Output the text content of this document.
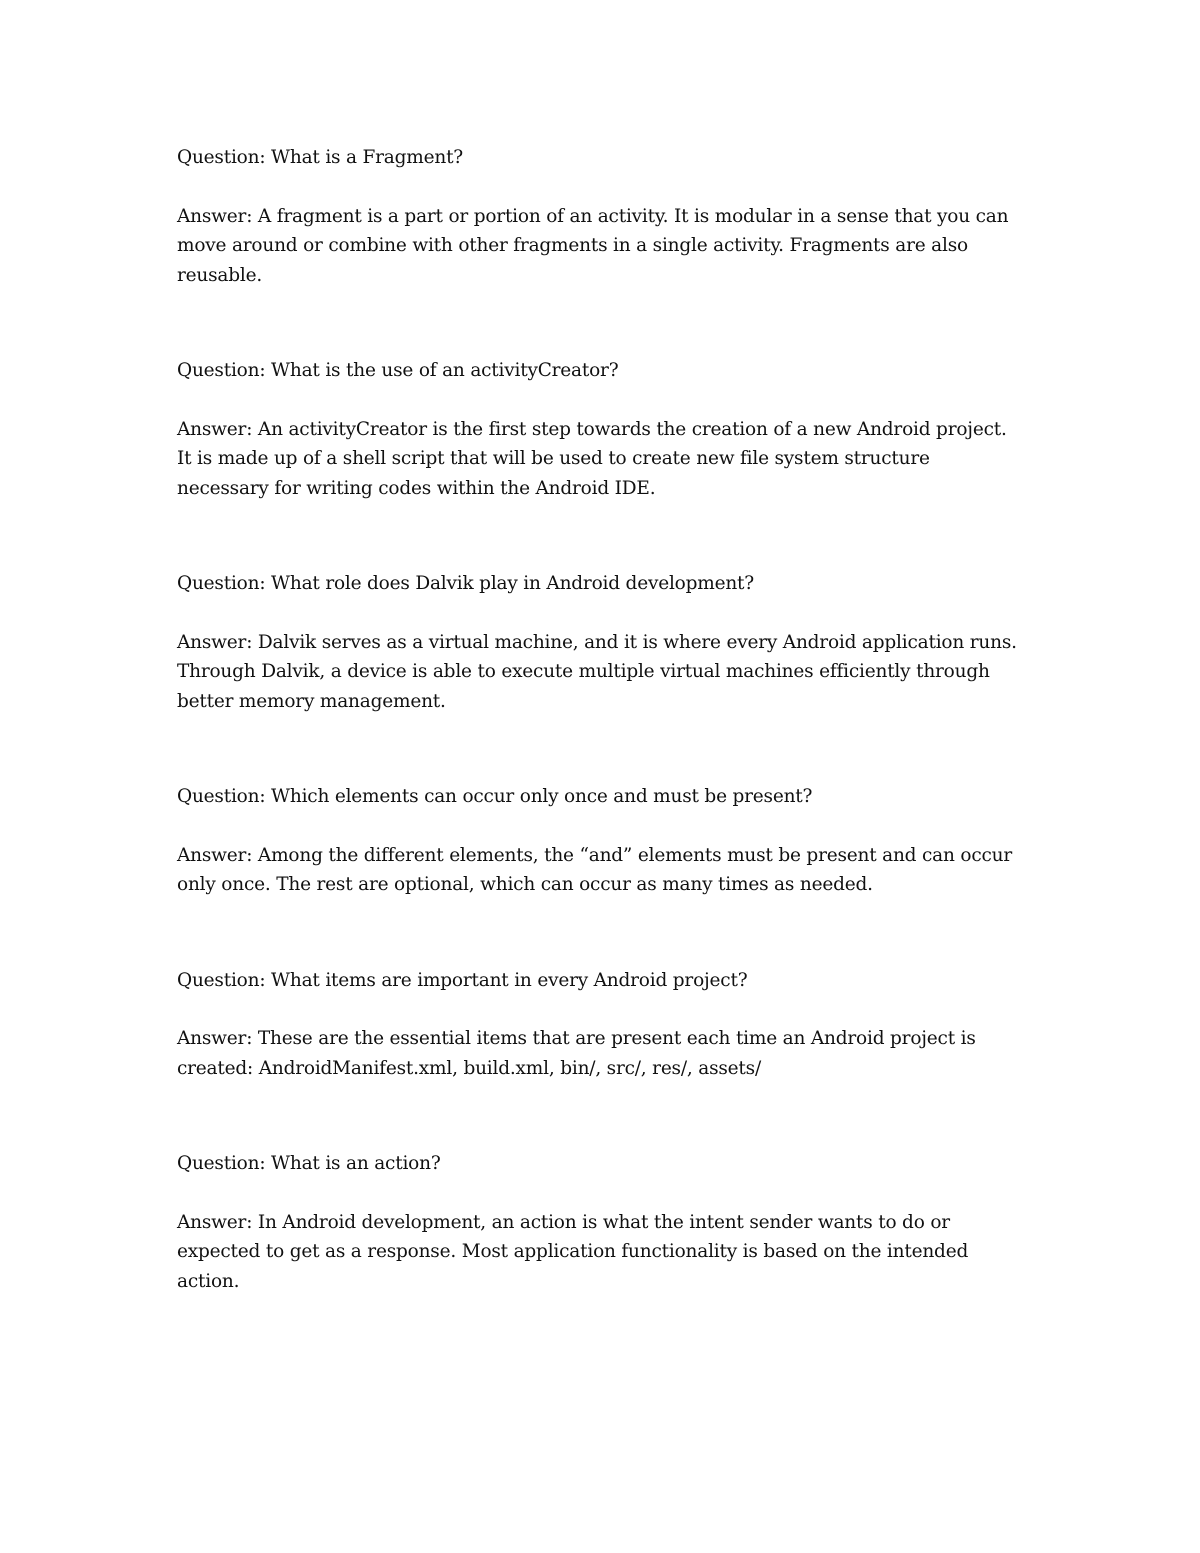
Question: What is a Fragment?

Answer: A fragment is a part or portion of an activity. It is modular in a sense that you can move around or combine with other fragments in a single activity. Fragments are also reusable.

Question: What is the use of an activityCreator?

Answer: An activityCreator is the first step towards the creation of a new Android project. It is made up of a shell script that will be used to create new file system structure necessary for writing codes within the Android IDE.

Question: What role does Dalvik play in Android development?

Answer: Dalvik serves as a virtual machine, and it is where every Android application runs. Through Dalvik, a device is able to execute multiple virtual machines efficiently through better memory management.

Question: Which elements can occur only once and must be present?

Answer: Among the different elements, the “and” elements must be present and can occur only once. The rest are optional, which can occur as many times as needed.

Question: What items are important in every Android project?

Answer: These are the essential items that are present each time an Android project is created: AndroidManifest.xml, build.xml, bin/, src/, res/, assets/

Question: What is an action?

Answer: In Android development, an action is what the intent sender wants to do or expected to get as a response. Most application functionality is based on the intended action.
